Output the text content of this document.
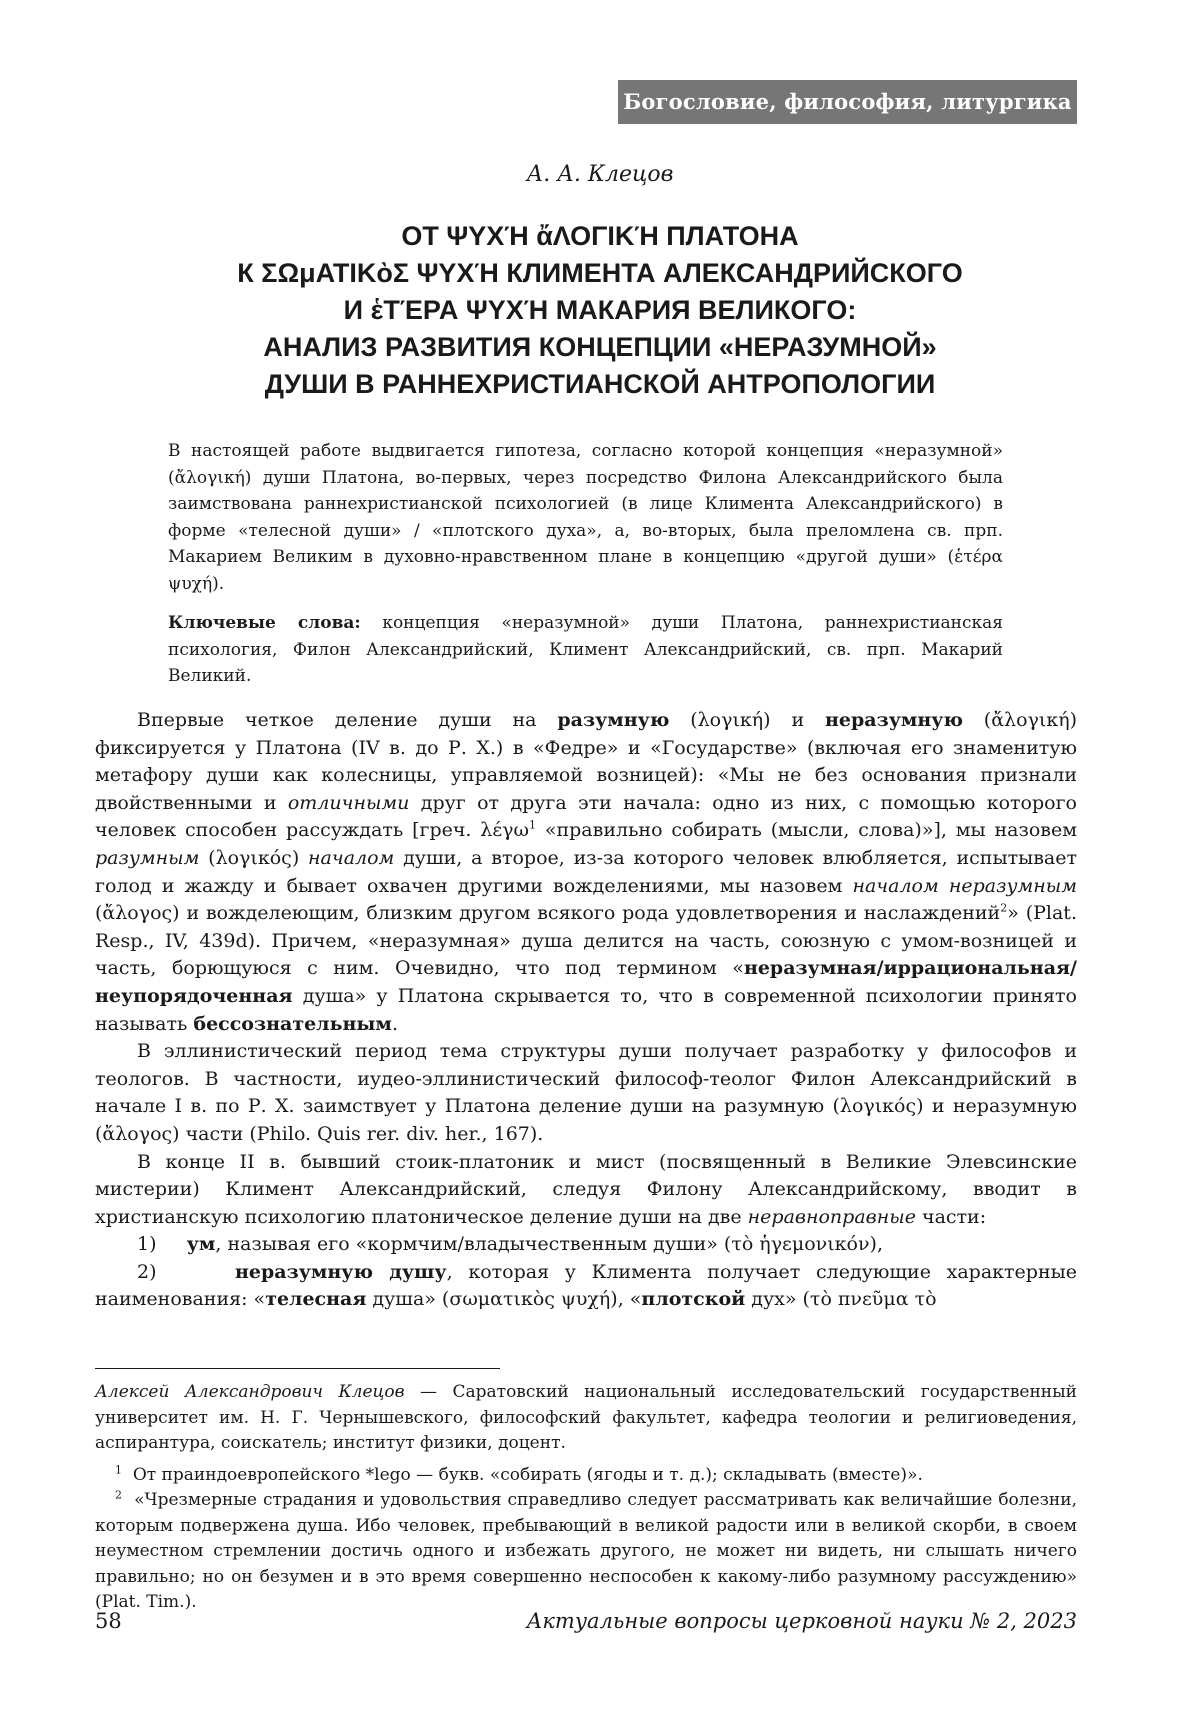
Богословие, философия, литургика
А. А. Клецов
ОТ ΨΥΧΉ ἄΛΟΓΙΚΉ ПЛАТОНА
К ΣΩμΑΤΙΚὸΣ ΨΥΧΉ КЛИМЕНТА АЛЕКСАНДРИЙСКОГО
И ἑΤΈΡΑ ΨΥΧΉ МАКАРИЯ ВЕЛИКОГО:
АНАЛИЗ РАЗВИТИЯ КОНЦЕПЦИИ «НЕРАЗУМНОЙ»
ДУШИ В РАННЕХРИСТИАНСКОЙ АНТРОПОЛОГИИ

В настоящей работе выдвигается гипотеза, согласно которой концепция «неразумной» (ἄλογική) души Платона, во-первых, через посредство Филона Александрийского была заимствована раннехристианской психологией (в лице Климента Александрийского) в форме «телесной души» / «плотского духа», а, во-вторых, была преломлена св. прп. Макарием Великим в духовно-нравственном плане в концепцию «другой души» (ἑτέρα ψυχή).

Ключевые слова: концепция «неразумной» души Платона, раннехристианская психология, Филон Александрийский, Климент Александрийский, св. прп. Макарий Великий.

Впервые четкое деление души на разумную (λογική) и неразумную (ἄλογική) фиксируется у Платона (IV в. до Р. Х.) в «Федре» и «Государстве» (включая его знаменитую метафору души как колесницы, управляемой возницей): «Мы не без основания признали двойственными и отличными друг от друга эти начала: одно из них, с помощью которого человек способен рассуждать [греч. λέγω$^1$ «правильно собирать (мысли, слова)»], мы назовем разумным (λογικός) началом души, а второе, из-за которого человек влюбляется, испытывает голод и жажду и бывает охвачен другими вожделениями, мы назовем началом неразумным (ἄλογος) и вожделеющим, близким другом всякого рода удовлетворения и наслаждений$^2$» (Plat. Resp., IV, 439d). Причем, «неразумная» душа делится на часть, союзную с умом-возницей и часть, борющуюся с ним. Очевидно, что под термином «неразумная/иррациональная/неупорядоченная душа» у Платона скрывается то, что в современной психологии принято называть бессознательным.

В эллинистический период тема структуры души получает разработку у философов и теологов. В частности, иудео-эллинистический философ-теолог Филон Александрийский в начале I в. по Р. Х. заимствует у Платона деление души на разумную (λογικός) и неразумную (ἄλογος) части (Philo. Quis rer. div. her., 167).

В конце II в. бывший стоик-платоник и мист (посвященный в Великие Элевсинские мистерии) Климент Александрийский, следуя Филону Александрийскому, вводит в христианскую психологию платоническое деление души на две неравноправные части:

1) ум, называя его «кормчим/владычественным души» (τὸ ἡγεμονικόν),

2)	неразумную душу, которая у Климента получает следующие характерные наименования: «телесная душа» (σωματικὸς ψυχή), «плотской дух» (τὸ πνεῦμα τὸ

Алексей Александрович Клецов — Саратовский национальный исследовательский государственный университет им. Н. Г. Чернышевского, философский факультет, кафедра теологии и религиоведения, аспирантура, соискатель; институт физики, доцент.

$^1$ От праиндоевропейского *lego — букв. «собирать (ягоды и т. д.); складывать (вместе)».

$^2$ «Чрезмерные страдания и удовольствия справедливо следует рассматривать как величайшие болезни, которым подвержена душа. Ибо человек, пребывающий в великой радости или в великой скорби, в своем неуместном стремлении достичь одного и избежать другого, не может ни видеть, ни слышать ничего правильно; но он безумен и в это время совершенно неспособен к какому-либо разумному рассуждению» (Plat. Tim.).

58	Актуальные вопросы церковной науки № 2, 2023
